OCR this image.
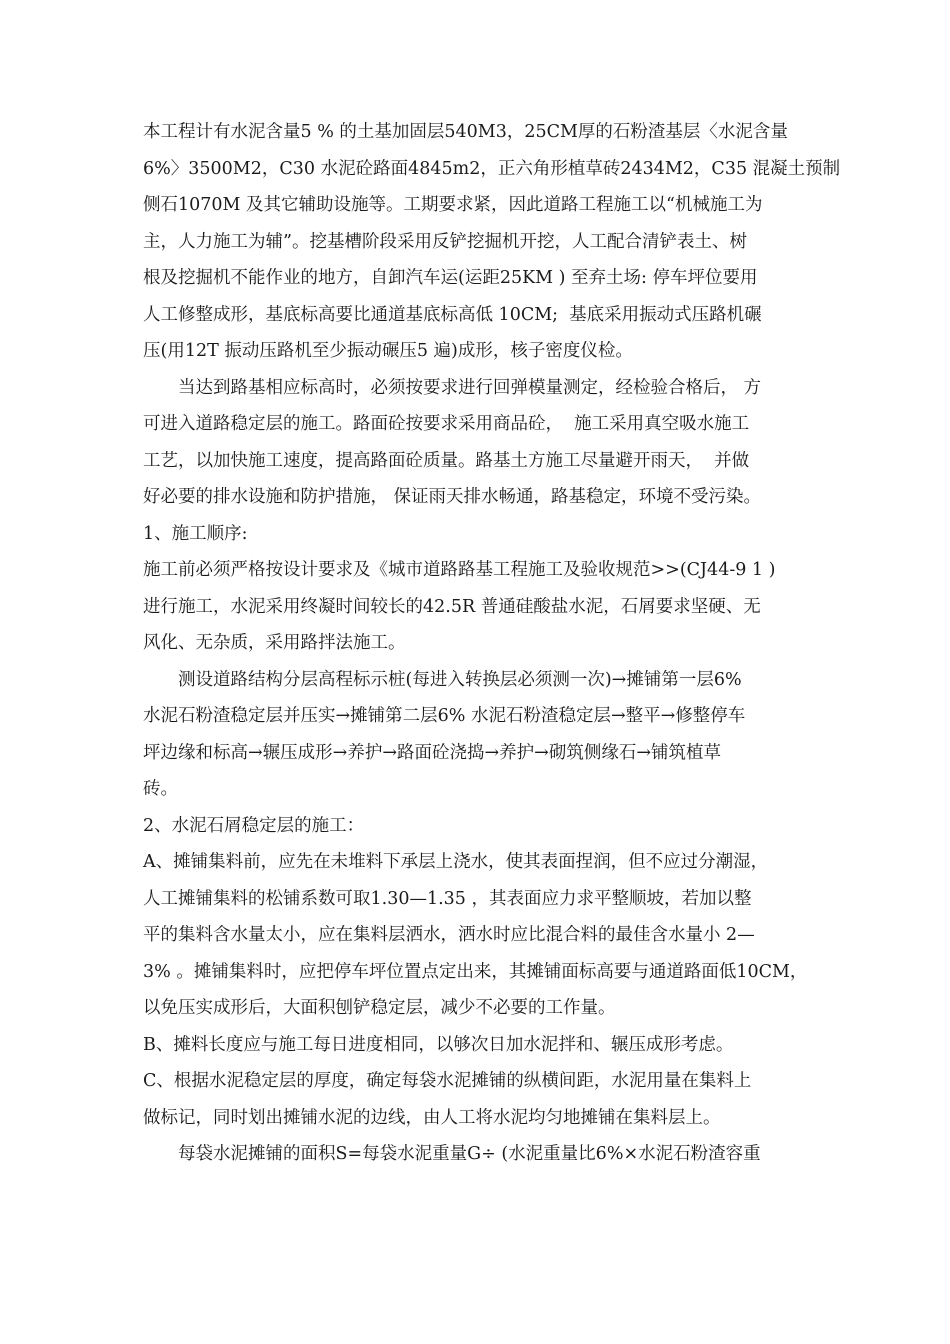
本工程计有水泥含量5 % 的土基加固层540M3，25CM厚的石粉渣基层〈水泥含量
6%〉3500M2，C30 水泥砼路面4845m2，正六角形植草砖2434M2，C35 混凝土预制
侧石1070M 及其它辅助设施等。工期要求紧，因此道路工程施工以“机械施工为
主，人力施工为辅”。挖基槽阶段采用反铲挖掘机开挖，人工配合清铲表土、树
根及挖掘机不能作业的地方，自卸汽车运(运距25KM ) 至弃土场: 停车坪位要用
人工修整成形，基底标高要比通道基底标高低 10CM;  基底采用振动式压路机碾
压(用12T 振动压路机至少振动碾压5 遍)成形，核子密度仪检。
当达到路基相应标高时，必须按要求进行回弹模量测定，经检验合格后， 方
可进入道路稳定层的施工。路面砼按要求采用商品砼，  施工采用真空吸水施工
工艺，以加快施工速度，提高路面砼质量。路基土方施工尽量避开雨天，  并做
好必要的排水设施和防护措施， 保证雨天排水畅通，路基稳定，环境不受污染。
1、施工顺序:
施工前必须严格按设计要求及《城市道路路基工程施工及验收规范>>(CJ44-9 1 )
进行施工，水泥采用终凝时间较长的42.5R 普通硅酸盐水泥，石屑要求坚硬、无
风化、无杂质，采用路拌法施工。
测设道路结构分层高程标示桩(每进入转换层必须测一次)→摊铺第一层6%
水泥石粉渣稳定层并压实→摊铺第二层6% 水泥石粉渣稳定层→整平→修整停车
坪边缘和标高→辗压成形→养护→路面砼浇捣→养护→砌筑侧缘石→铺筑植草
砖。
2、水泥石屑稳定层的施工：
A、摊铺集料前，应先在未堆料下承层上浇水，使其表面捏润，但不应过分潮湿，
人工摊铺集料的松铺系数可取1.30—1.35 ，其表面应力求平整顺坡，若加以整
平的集料含水量太小，应在集料层洒水，洒水时应比混合料的最佳含水量小 2—
3% 。摊铺集料时，应把停车坪位置点定出来，其摊铺面标高要与通道路面低10CM，
以免压实成形后，大面积刨铲稳定层，减少不必要的工作量。
B、摊料长度应与施工每日进度相同，以够次日加水泥拌和、辗压成形考虑。
C、根据水泥稳定层的厚度，确定每袋水泥摊铺的纵横间距，水泥用量在集料上
做标记，同时划出摊铺水泥的边线，由人工将水泥均匀地摊铺在集料层上。
每袋水泥摊铺的面积S=每袋水泥重量G÷ (水泥重量比6%×水泥石粉渣容重
